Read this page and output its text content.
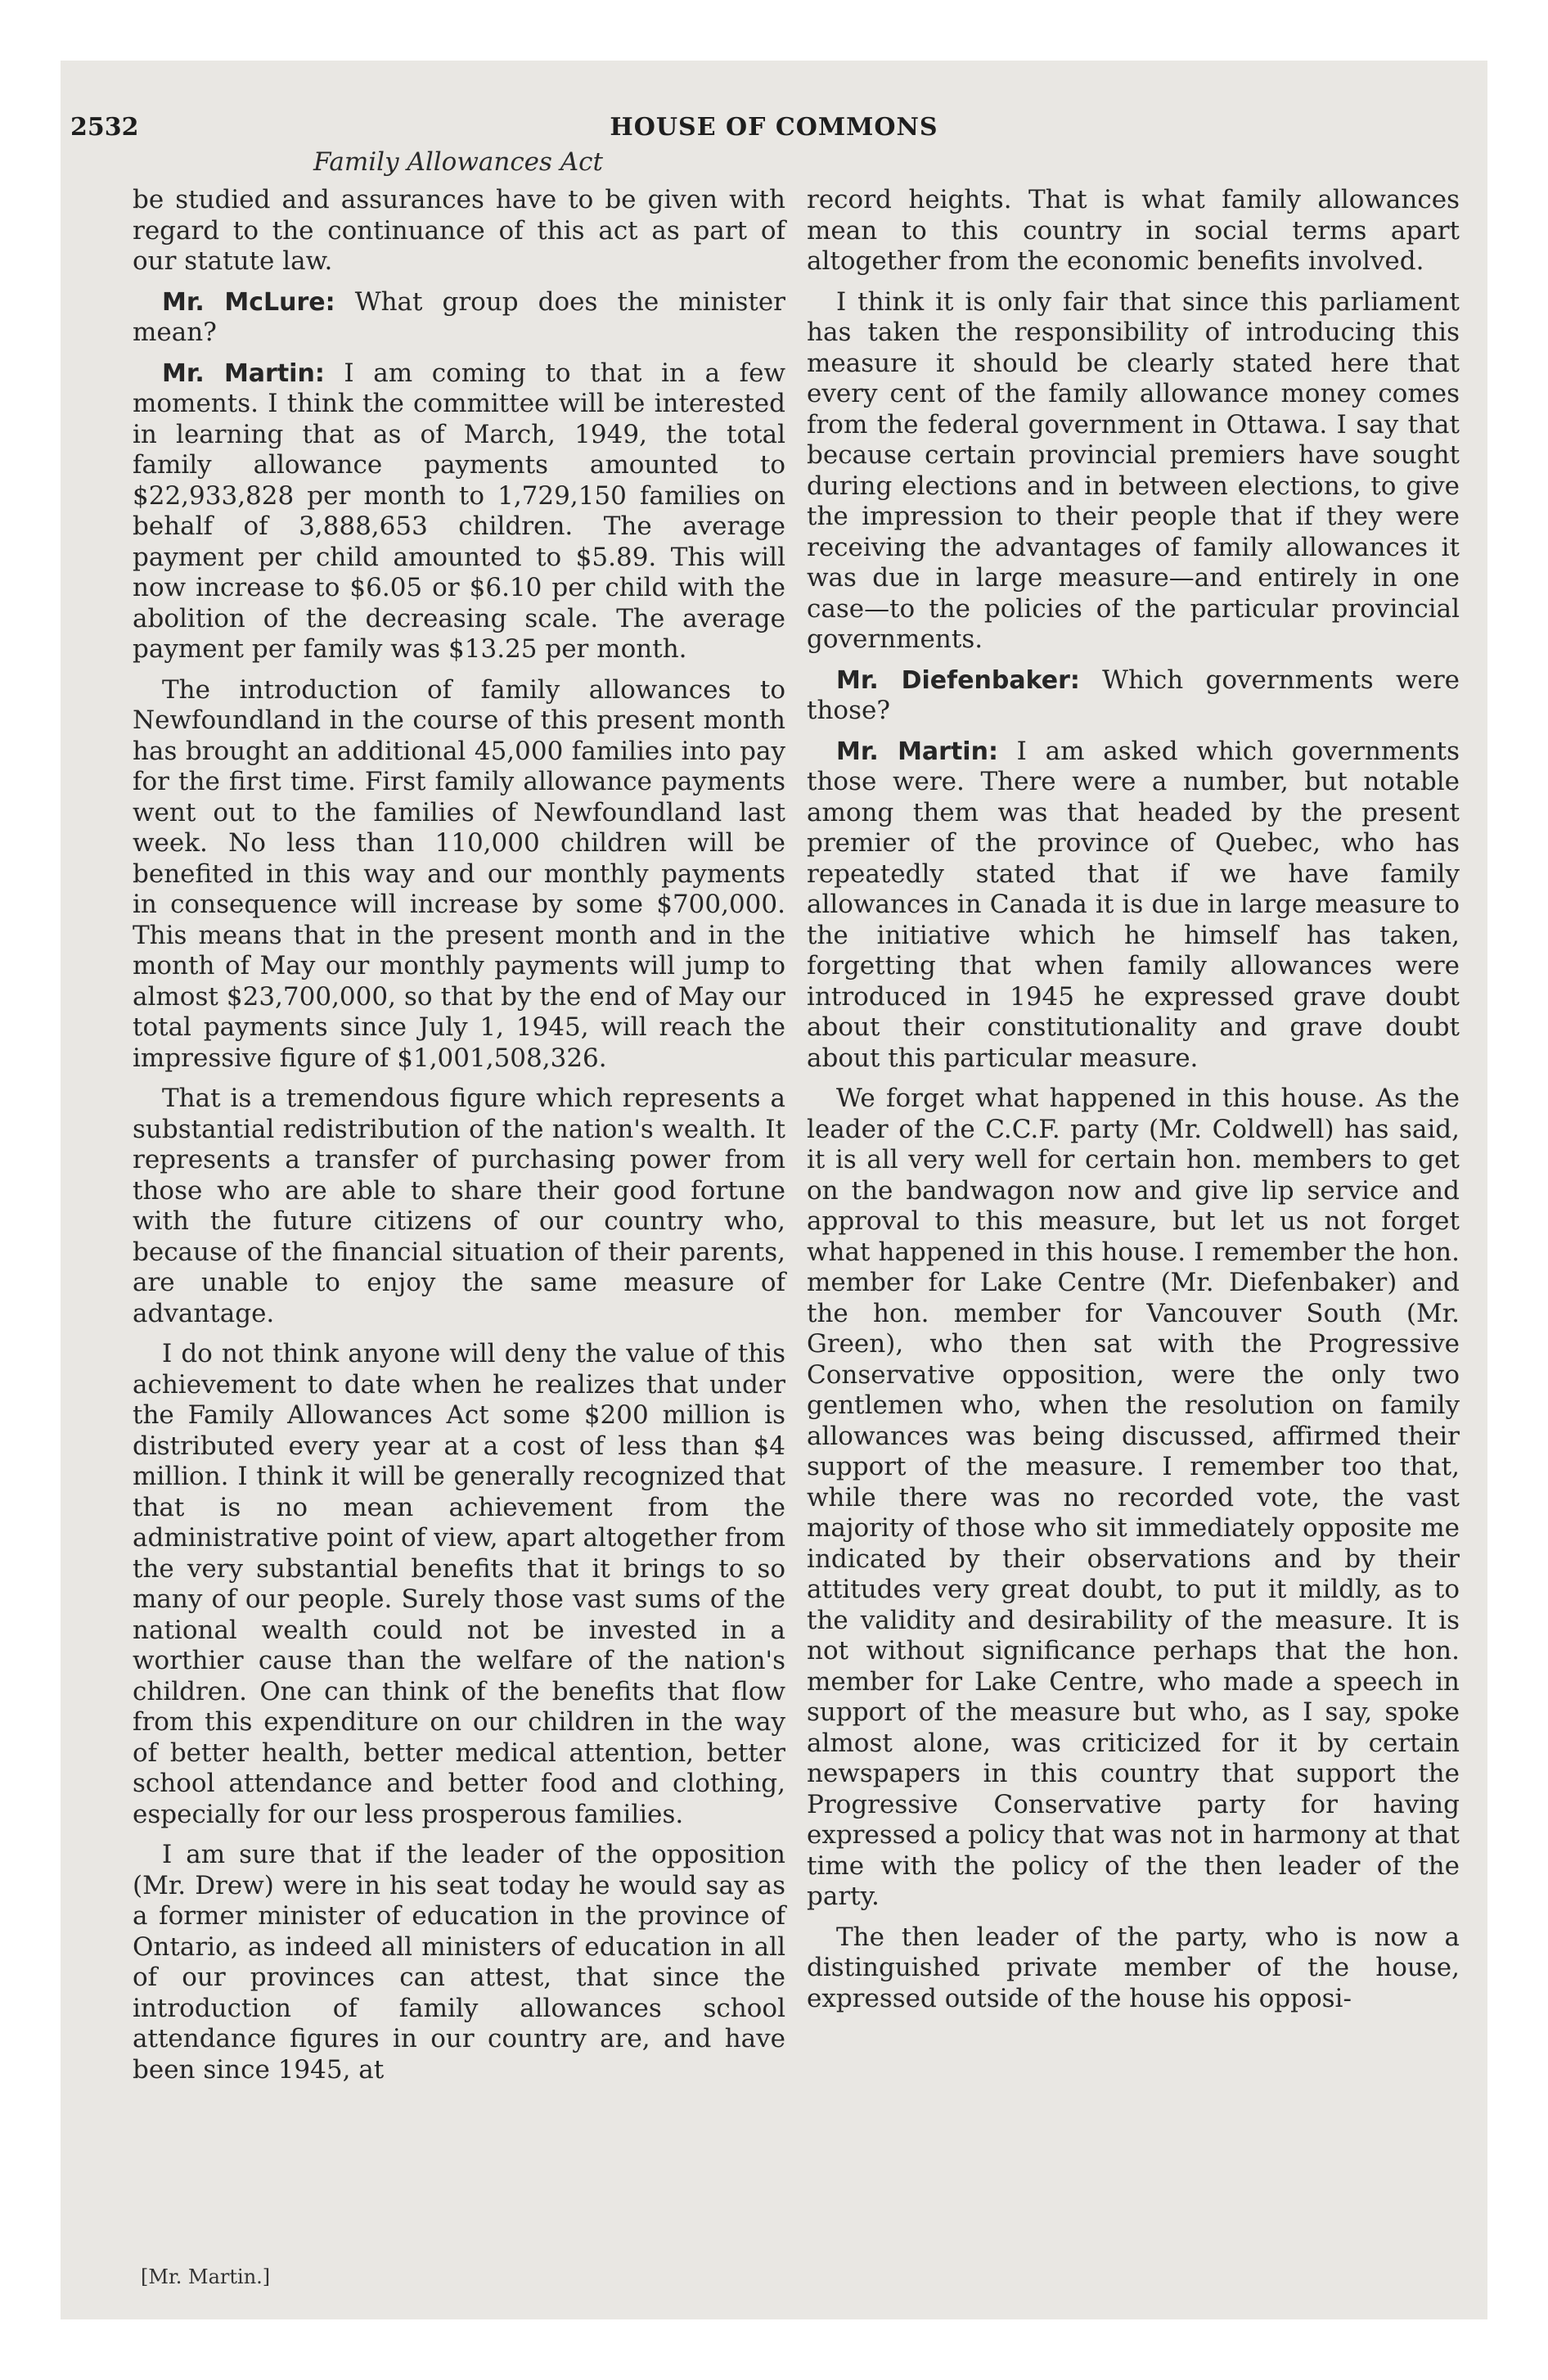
2532	HOUSE OF COMMONS
Family Allowances Act

be studied and assurances have to be given with regard to the continuance of this act as part of our statute law.

Mr. McLure: What group does the minister mean?

Mr. Martin: I am coming to that in a few moments. I think the committee will be interested in learning that as of March, 1949, the total family allowance payments amounted to $22,933,828 per month to 1,729,150 families on behalf of 3,888,653 children. The average payment per child amounted to $5.89. This will now increase to $6.05 or $6.10 per child with the abolition of the decreasing scale. The average payment per family was $13.25 per month.

The introduction of family allowances to Newfoundland in the course of this present month has brought an additional 45,000 families into pay for the first time. First family allowance payments went out to the families of Newfoundland last week. No less than 110,000 children will be benefited in this way and our monthly payments in consequence will increase by some $700,000. This means that in the present month and in the month of May our monthly payments will jump to almost $23,700,000, so that by the end of May our total payments since July 1, 1945, will reach the impressive figure of $1,001,508,326.

That is a tremendous figure which represents a substantial redistribution of the nation's wealth. It represents a transfer of purchasing power from those who are able to share their good fortune with the future citizens of our country who, because of the financial situation of their parents, are unable to enjoy the same measure of advantage.

I do not think anyone will deny the value of this achievement to date when he realizes that under the Family Allowances Act some $200 million is distributed every year at a cost of less than $4 million. I think it will be generally recognized that that is no mean achievement from the administrative point of view, apart altogether from the very substantial benefits that it brings to so many of our people. Surely those vast sums of the national wealth could not be invested in a worthier cause than the welfare of the nation's children. One can think of the benefits that flow from this expenditure on our children in the way of better health, better medical attention, better school attendance and better food and clothing, especially for our less prosperous families.

I am sure that if the leader of the opposition (Mr. Drew) were in his seat today he would say as a former minister of education in the province of Ontario, as indeed all ministers of education in all of our provinces can attest, that since the introduction of family allowances school attendance figures in our country are, and have been since 1945, at

record heights. That is what family allowances mean to this country in social terms apart altogether from the economic benefits involved.

I think it is only fair that since this parliament has taken the responsibility of introducing this measure it should be clearly stated here that every cent of the family allowance money comes from the federal government in Ottawa. I say that because certain provincial premiers have sought during elections and in between elections, to give the impression to their people that if they were receiving the advantages of family allowances it was due in large measure—and entirely in one case—to the policies of the particular provincial governments.

Mr. Diefenbaker: Which governments were those?

Mr. Martin: I am asked which governments those were. There were a number, but notable among them was that headed by the present premier of the province of Quebec, who has repeatedly stated that if we have family allowances in Canada it is due in large measure to the initiative which he himself has taken, forgetting that when family allowances were introduced in 1945 he expressed grave doubt about their constitutionality and grave doubt about this particular measure.

We forget what happened in this house. As the leader of the C.C.F. party (Mr. Coldwell) has said, it is all very well for certain hon. members to get on the bandwagon now and give lip service and approval to this measure, but let us not forget what happened in this house. I remember the hon. member for Lake Centre (Mr. Diefenbaker) and the hon. member for Vancouver South (Mr. Green), who then sat with the Progressive Conservative opposition, were the only two gentlemen who, when the resolution on family allowances was being discussed, affirmed their support of the measure. I remember too that, while there was no recorded vote, the vast majority of those who sit immediately opposite me indicated by their observations and by their attitudes very great doubt, to put it mildly, as to the validity and desirability of the measure. It is not without significance perhaps that the hon. member for Lake Centre, who made a speech in support of the measure but who, as I say, spoke almost alone, was criticized for it by certain newspapers in this country that support the Progressive Conservative party for having expressed a policy that was not in harmony at that time with the policy of the then leader of the party.

The then leader of the party, who is now a distinguished private member of the house, expressed outside of the house his opposi-

[Mr. Martin.]
